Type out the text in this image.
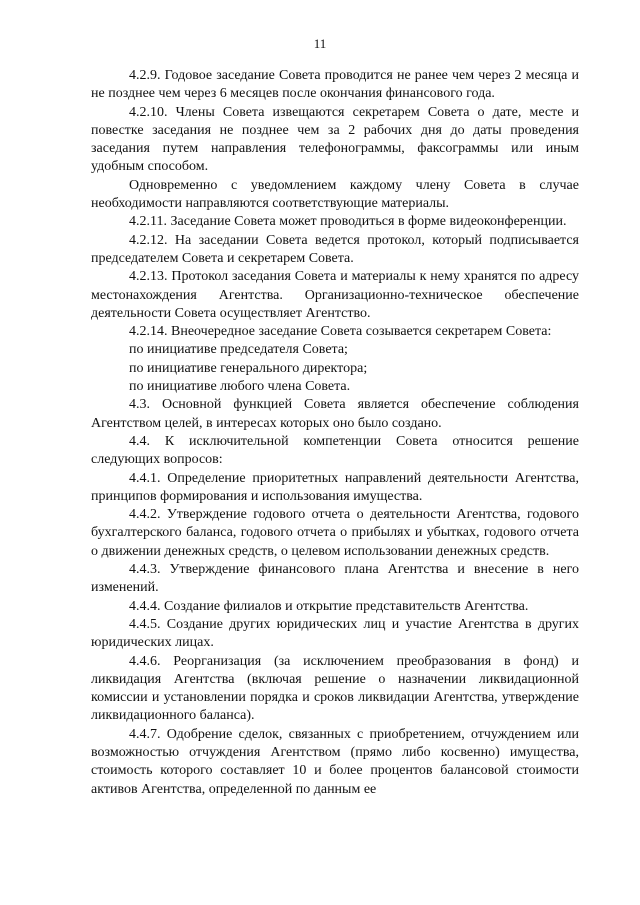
11

4.2.9. Годовое заседание Совета проводится не ранее чем через 2 месяца и не позднее чем через 6 месяцев после окончания финансового года.

4.2.10. Члены Совета извещаются секретарем Совета о дате, месте и повестке заседания не позднее чем за 2 рабочих дня до даты проведения заседания путем направления телефонограммы, факсограммы или иным удобным способом.

Одновременно с уведомлением каждому члену Совета в случае необходимости направляются соответствующие материалы.

4.2.11. Заседание Совета может проводиться в форме видеоконференции.

4.2.12. На заседании Совета ведется протокол, который подписывается председателем Совета и секретарем Совета.

4.2.13. Протокол заседания Совета и материалы к нему хранятся по адресу местонахождения Агентства. Организационно-техническое обеспечение деятельности Совета осуществляет Агентство.

4.2.14. Внеочередное заседание Совета созывается секретарем Совета:

по инициативе председателя Совета;

по инициативе генерального директора;

по инициативе любого члена Совета.

4.3. Основной функцией Совета является обеспечение соблюдения Агентством целей, в интересах которых оно было создано.

4.4. К исключительной компетенции Совета относится решение следующих вопросов:

4.4.1. Определение приоритетных направлений деятельности Агентства, принципов формирования и использования имущества.

4.4.2. Утверждение годового отчета о деятельности Агентства, годового бухгалтерского баланса, годового отчета о прибылях и убытках, годового отчета о движении денежных средств, о целевом использовании денежных средств.

4.4.3. Утверждение финансового плана Агентства и внесение в него изменений.

4.4.4. Создание филиалов и открытие представительств Агентства.

4.4.5. Создание других юридических лиц и участие Агентства в других юридических лицах.

4.4.6. Реорганизация (за исключением преобразования в фонд) и ликвидация Агентства (включая решение о назначении ликвидационной комиссии и установлении порядка и сроков ликвидации Агентства, утверждение ликвидационного баланса).

4.4.7. Одобрение сделок, связанных с приобретением, отчуждением или возможностью отчуждения Агентством (прямо либо косвенно) имущества, стоимость которого составляет 10 и более процентов балансовой стоимости активов Агентства, определенной по данным ее
